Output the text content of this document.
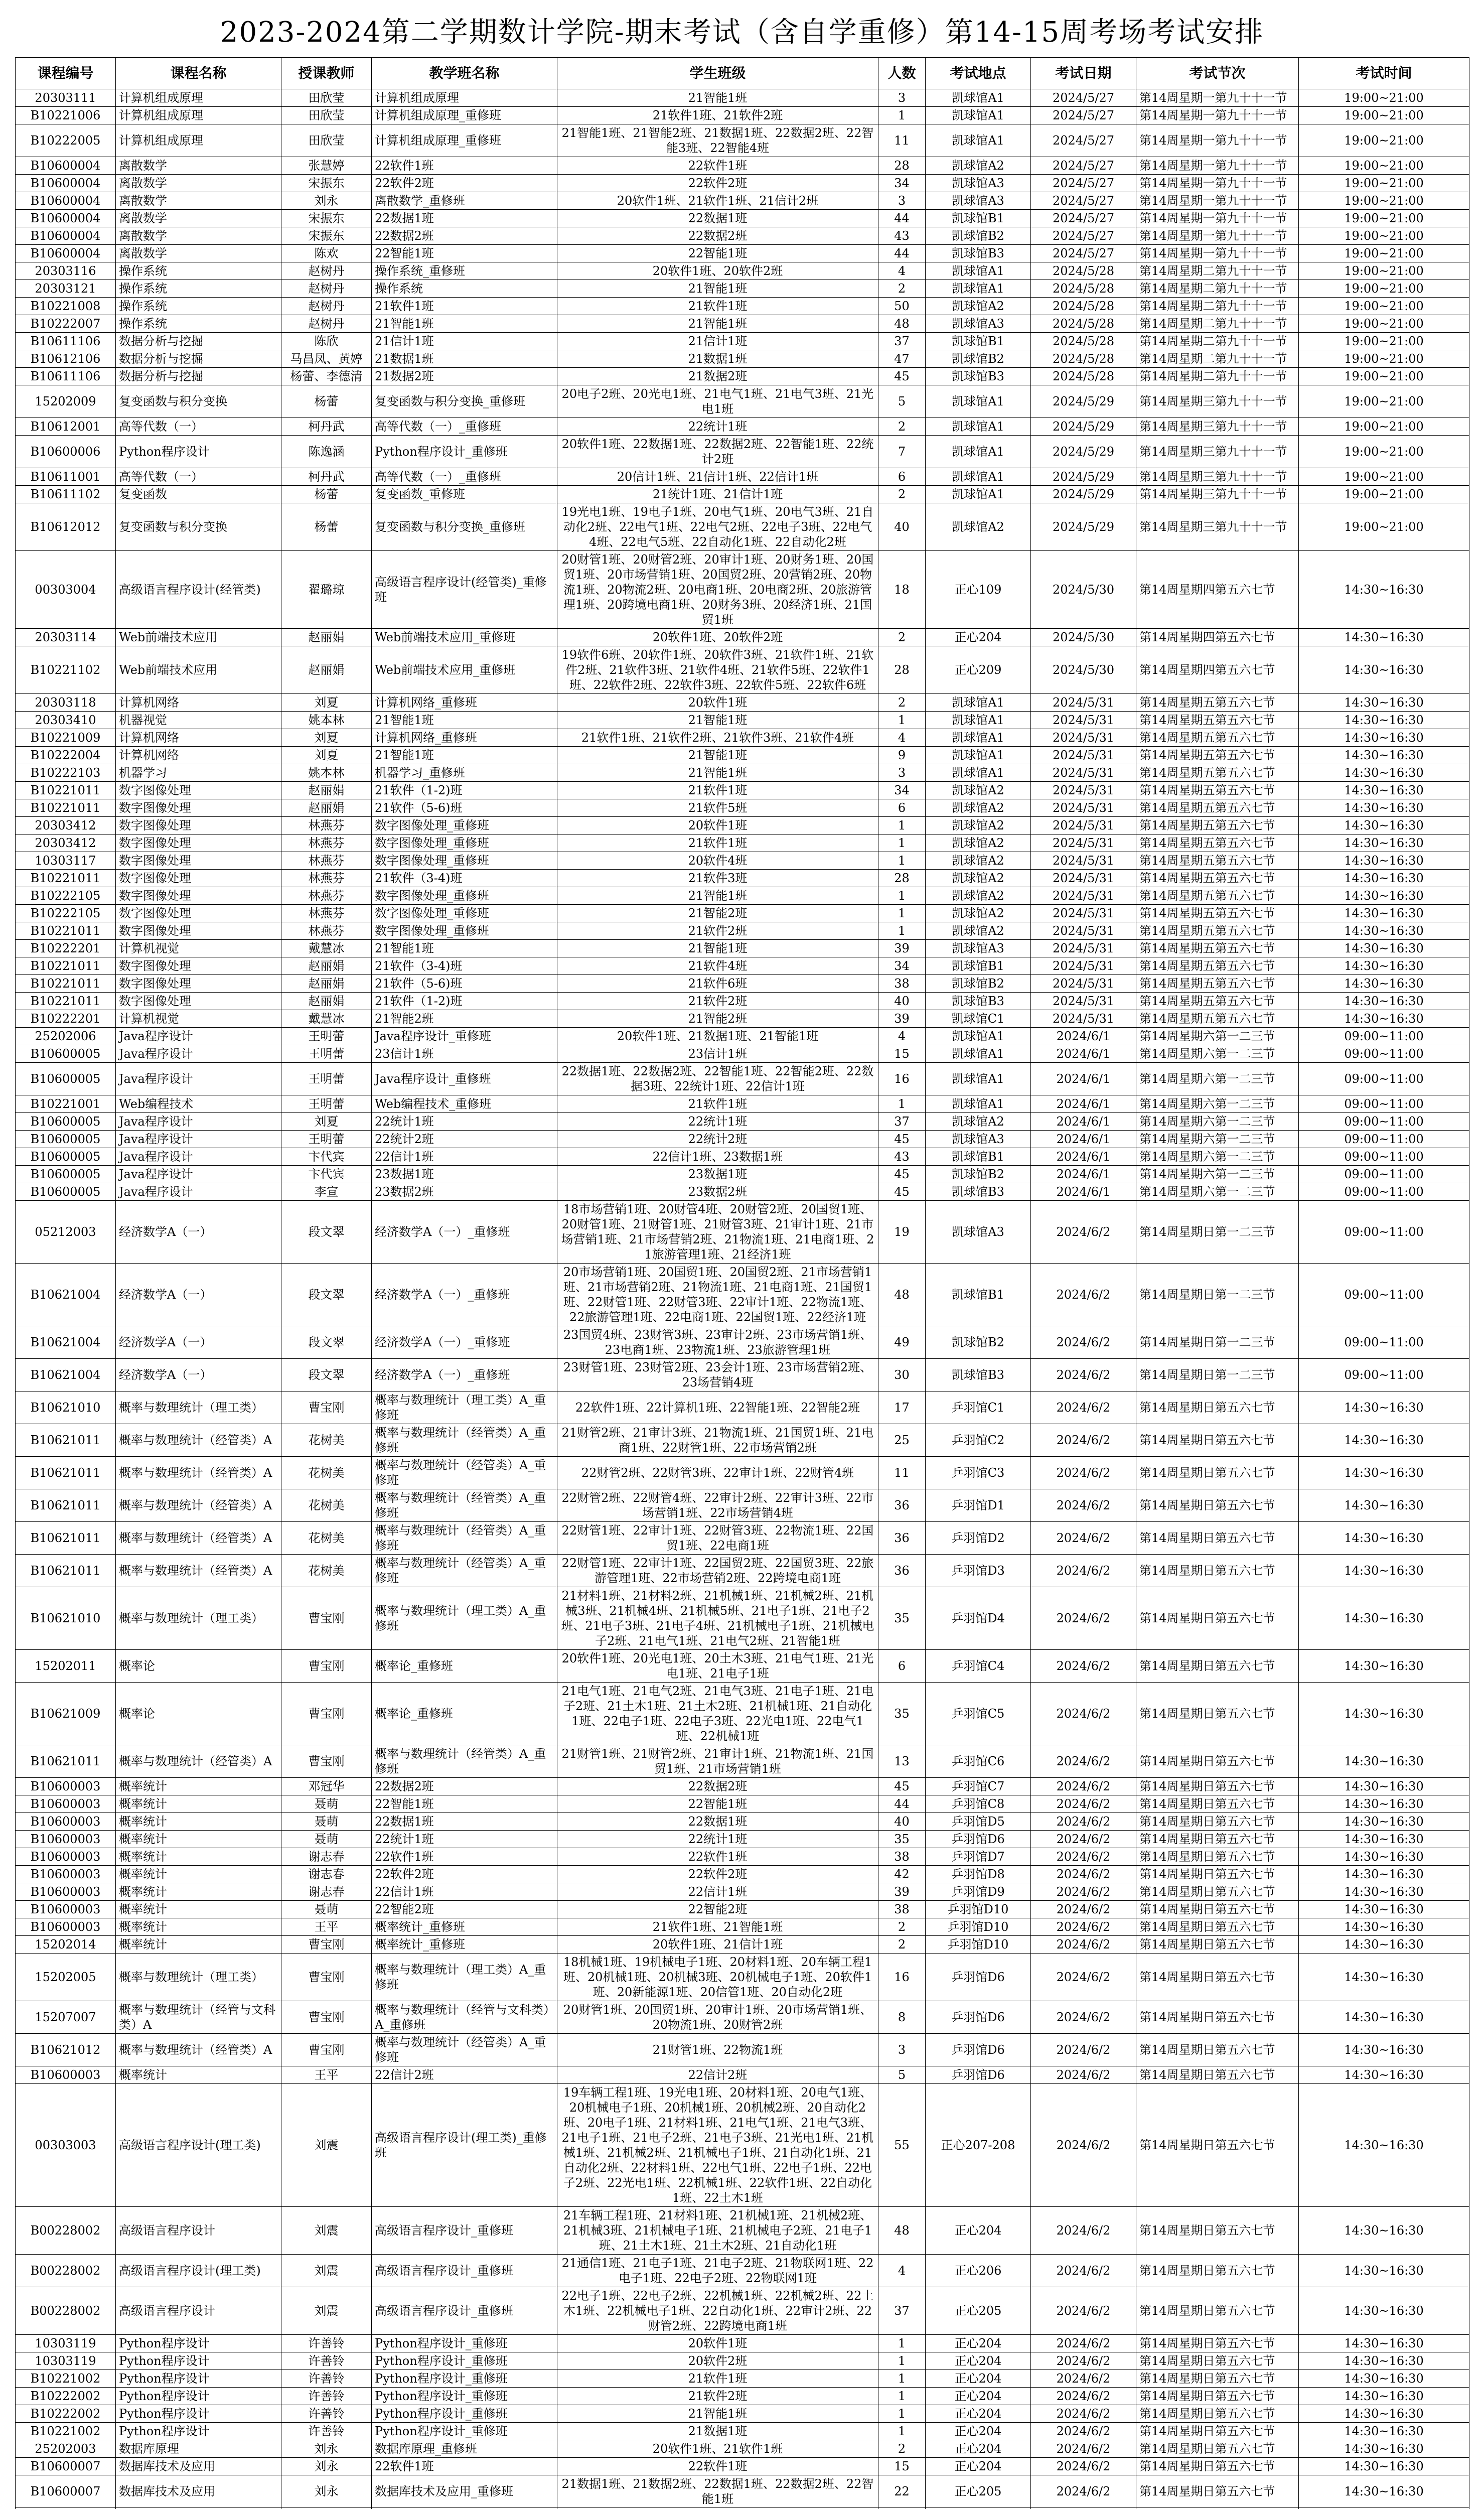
2023-2024第二学期数计学院-期末考试（含自学重修）第14-15周考场考试安排
课程编号	课程名称	授课教师	教学班名称	学生班级	人数	考试地点	考试日期	考试节次	考试时间
20303111	计算机组成原理	田欣莹	计算机组成原理	21智能1班	3	凯球馆A1	2024/5/27	第14周星期一第九十十一节	19:00~21:00
B10221006	计算机组成原理	田欣莹	计算机组成原理_重修班	21软件1班、21软件2班	1	凯球馆A1	2024/5/27	第14周星期一第九十十一节	19:00~21:00
B10222005	计算机组成原理	田欣莹	计算机组成原理_重修班	21智能1班、21智能2班、21数据1班、22数据2班、22智能3班、22智能4班	11	凯球馆A1	2024/5/27	第14周星期一第九十十一节	19:00~21:00
B10600004	离散数学	张慧婷	22软件1班	22软件1班	28	凯球馆A2	2024/5/27	第14周星期一第九十十一节	19:00~21:00
B10600004	离散数学	宋振东	22软件2班	22软件2班	34	凯球馆A3	2024/5/27	第14周星期一第九十十一节	19:00~21:00
B10600004	离散数学	刘永	离散数学_重修班	20软件1班、21软件1班、21信计2班	3	凯球馆A3	2024/5/27	第14周星期一第九十十一节	19:00~21:00
B10600004	离散数学	宋振东	22数据1班	22数据1班	44	凯球馆B1	2024/5/27	第14周星期一第九十十一节	19:00~21:00
B10600004	离散数学	宋振东	22数据2班	22数据2班	43	凯球馆B2	2024/5/27	第14周星期一第九十十一节	19:00~21:00
B10600004	离散数学	陈欢	22智能1班	22智能1班	44	凯球馆B3	2024/5/27	第14周星期一第九十十一节	19:00~21:00
20303116	操作系统	赵树丹	操作系统_重修班	20软件1班、20软件2班	4	凯球馆A1	2024/5/28	第14周星期二第九十十一节	19:00~21:00
20303121	操作系统	赵树丹	操作系统	21智能1班	2	凯球馆A1	2024/5/28	第14周星期二第九十十一节	19:00~21:00
B10221008	操作系统	赵树丹	21软件1班	21软件1班	50	凯球馆A2	2024/5/28	第14周星期二第九十十一节	19:00~21:00
B10222007	操作系统	赵树丹	21智能1班	21智能1班	48	凯球馆A3	2024/5/28	第14周星期二第九十十一节	19:00~21:00
B10611106	数据分析与挖掘	陈欣	21信计1班	21信计1班	37	凯球馆B1	2024/5/28	第14周星期二第九十十一节	19:00~21:00
B10612106	数据分析与挖掘	马昌凤、黄婷	21数据1班	21数据1班	47	凯球馆B2	2024/5/28	第14周星期二第九十十一节	19:00~21:00
B10611106	数据分析与挖掘	杨蕾、李德清	21数据2班	21数据2班	45	凯球馆B3	2024/5/28	第14周星期二第九十十一节	19:00~21:00
15202009	复变函数与积分变换	杨蕾	复变函数与积分变换_重修班	20电子2班、20光电1班、21电气1班、21电气3班、21光电1班	5	凯球馆A1	2024/5/29	第14周星期三第九十十一节	19:00~21:00
B10612001	高等代数（一）	柯丹武	高等代数（一）_重修班	22统计1班	2	凯球馆A1	2024/5/29	第14周星期三第九十十一节	19:00~21:00
B10600006	Python程序设计	陈逸涵	Python程序设计_重修班	20软件1班、22数据1班、22数据2班、22智能1班、22统计2班	7	凯球馆A1	2024/5/29	第14周星期三第九十十一节	19:00~21:00
B10611001	高等代数（一）	柯丹武	高等代数（一）_重修班	20信计1班、21信计1班、22信计1班	6	凯球馆A1	2024/5/29	第14周星期三第九十十一节	19:00~21:00
B10611102	复变函数	杨蕾	复变函数_重修班	21统计1班、21信计1班	2	凯球馆A1	2024/5/29	第14周星期三第九十十一节	19:00~21:00
B10612012	复变函数与积分变换	杨蕾	复变函数与积分变换_重修班	19光电1班、19电子1班、20电气1班、20电气3班、21自动化2班、22电气1班、22电气2班、22电子3班、22电气4班、22电气5班、22自动化1班、22自动化2班	40	凯球馆A2	2024/5/29	第14周星期三第九十十一节	19:00~21:00
00303004	高级语言程序设计(经管类)	翟璐琼	高级语言程序设计(经管类)_重修班	20财管1班、20财管2班、20审计1班、20财务1班、20国贸1班、20市场营销1班、20国贸2班、20营销2班、20物流1班、20物流2班、20电商1班、20电商2班、20旅游管理1班、20跨境电商1班、20财务3班、20经济1班、21国贸1班	18	正心109	2024/5/30	第14周星期四第五六七节	14:30~16:30
20303114	Web前端技术应用	赵丽娟	Web前端技术应用_重修班	20软件1班、20软件2班	2	正心204	2024/5/30	第14周星期四第五六七节	14:30~16:30
B10221102	Web前端技术应用	赵丽娟	Web前端技术应用_重修班	19软件6班、20软件1班、20软件3班、21软件1班、21软件2班、21软件3班、21软件4班、21软件5班、22软件1班、22软件2班、22软件3班、22软件5班、22软件6班	28	正心209	2024/5/30	第14周星期四第五六七节	14:30~16:30
20303118	计算机网络	刘夏	计算机网络_重修班	20软件1班	2	凯球馆A1	2024/5/31	第14周星期五第五六七节	14:30~16:30
20303410	机器视觉	姚本林	21智能1班	21智能1班	1	凯球馆A1	2024/5/31	第14周星期五第五六七节	14:30~16:30
B10221009	计算机网络	刘夏	计算机网络_重修班	21软件1班、21软件2班、21软件3班、21软件4班	4	凯球馆A1	2024/5/31	第14周星期五第五六七节	14:30~16:30
B10222004	计算机网络	刘夏	21智能1班	21智能1班	9	凯球馆A1	2024/5/31	第14周星期五第五六七节	14:30~16:30
B10222103	机器学习	姚本林	机器学习_重修班	21智能1班	3	凯球馆A1	2024/5/31	第14周星期五第五六七节	14:30~16:30
B10221011	数字图像处理	赵丽娟	21软件（1-2)班	21软件1班	34	凯球馆A2	2024/5/31	第14周星期五第五六七节	14:30~16:30
B10221011	数字图像处理	赵丽娟	21软件（5-6)班	21软件5班	6	凯球馆A2	2024/5/31	第14周星期五第五六七节	14:30~16:30
20303412	数字图像处理	林燕芬	数字图像处理_重修班	20软件1班	1	凯球馆A2	2024/5/31	第14周星期五第五六七节	14:30~16:30
20303412	数字图像处理	林燕芬	数字图像处理_重修班	21软件1班	1	凯球馆A2	2024/5/31	第14周星期五第五六七节	14:30~16:30
10303117	数字图像处理	林燕芬	数字图像处理_重修班	20软件4班	1	凯球馆A2	2024/5/31	第14周星期五第五六七节	14:30~16:30
B10221011	数字图像处理	林燕芬	21软件（3-4)班	21软件3班	28	凯球馆A2	2024/5/31	第14周星期五第五六七节	14:30~16:30
B10222105	数字图像处理	林燕芬	数字图像处理_重修班	21智能1班	1	凯球馆A2	2024/5/31	第14周星期五第五六七节	14:30~16:30
B10222105	数字图像处理	林燕芬	数字图像处理_重修班	21智能2班	1	凯球馆A2	2024/5/31	第14周星期五第五六七节	14:30~16:30
B10221011	数字图像处理	林燕芬	数字图像处理_重修班	21软件2班	1	凯球馆A2	2024/5/31	第14周星期五第五六七节	14:30~16:30
B10222201	计算机视觉	戴慧冰	21智能1班	21智能1班	39	凯球馆A3	2024/5/31	第14周星期五第五六七节	14:30~16:30
B10221011	数字图像处理	赵丽娟	21软件（3-4)班	21软件4班	34	凯球馆B1	2024/5/31	第14周星期五第五六七节	14:30~16:30
B10221011	数字图像处理	赵丽娟	21软件（5-6)班	21软件6班	38	凯球馆B2	2024/5/31	第14周星期五第五六七节	14:30~16:30
B10221011	数字图像处理	赵丽娟	21软件（1-2)班	21软件2班	40	凯球馆B3	2024/5/31	第14周星期五第五六七节	14:30~16:30
B10222201	计算机视觉	戴慧冰	21智能2班	21智能2班	39	凯球馆C1	2024/5/31	第14周星期五第五六七节	14:30~16:30
25202006	Java程序设计	王明蕾	Java程序设计_重修班	20软件1班、21数据1班、21智能1班	4	凯球馆A1	2024/6/1	第14周星期六第一二三节	09:00~11:00
B10600005	Java程序设计	王明蕾	23信计1班	23信计1班	15	凯球馆A1	2024/6/1	第14周星期六第一二三节	09:00~11:00
B10600005	Java程序设计	王明蕾	Java程序设计_重修班	22数据1班、22数据2班、22智能1班、22智能2班、22数据3班、22统计1班、22信计1班	16	凯球馆A1	2024/6/1	第14周星期六第一二三节	09:00~11:00
B10221001	Web编程技术	王明蕾	Web编程技术_重修班	21软件1班	1	凯球馆A1	2024/6/1	第14周星期六第一二三节	09:00~11:00
B10600005	Java程序设计	刘夏	22统计1班	22统计1班	37	凯球馆A2	2024/6/1	第14周星期六第一二三节	09:00~11:00
B10600005	Java程序设计	王明蕾	22统计2班	22统计2班	45	凯球馆A3	2024/6/1	第14周星期六第一二三节	09:00~11:00
B10600005	Java程序设计	卞代宾	22信计1班	22信计1班、23数据1班	43	凯球馆B1	2024/6/1	第14周星期六第一二三节	09:00~11:00
B10600005	Java程序设计	卞代宾	23数据1班	23数据1班	45	凯球馆B2	2024/6/1	第14周星期六第一二三节	09:00~11:00
B10600005	Java程序设计	李宣	23数据2班	23数据2班	45	凯球馆B3	2024/6/1	第14周星期六第一二三节	09:00~11:00
05212003	经济数学A（一）	段文翠	经济数学A（一）_重修班	18市场营销1班、20财管4班、20财管2班、20国贸1班、20财管1班、21财管1班、21财管3班、21审计1班、21市场营销1班、21市场营销2班、21物流1班、21电商1班、21旅游管理1班、21经济1班	19	凯球馆A3	2024/6/2	第14周星期日第一二三节	09:00~11:00
B10621004	经济数学A（一）	段文翠	经济数学A（一）_重修班	20市场营销1班、20国贸1班、20国贸2班、21市场营销1班、21市场营销2班、21物流1班、21电商1班、21国贸1班、22财管1班、22财管3班、22审计1班、22物流1班、22旅游管理1班、22电商1班、22国贸1班、22经济1班	48	凯球馆B1	2024/6/2	第14周星期日第一二三节	09:00~11:00
B10621004	经济数学A（一）	段文翠	经济数学A（一）_重修班	23国贸4班、23财管3班、23审计2班、23市场营销1班、23电商1班、23物流1班、23旅游管理1班	49	凯球馆B2	2024/6/2	第14周星期日第一二三节	09:00~11:00
B10621004	经济数学A（一）	段文翠	经济数学A（一）_重修班	23财管1班、23财管2班、23会计1班、23市场营销2班、23场营销4班	30	凯球馆B3	2024/6/2	第14周星期日第一二三节	09:00~11:00
B10621010	概率与数理统计（理工类）	曹宝刚	概率与数理统计（理工类）A_重修班	22软件1班、22计算机1班、22智能1班、22智能2班	17	乒羽馆C1	2024/6/2	第14周星期日第五六七节	14:30~16:30
B10621011	概率与数理统计（经管类）A	花树美	概率与数理统计（经管类）A_重修班	21财管2班、21审计3班、21物流1班、21国贸1班、21电商1班、22财管1班、22市场营销2班	25	乒羽馆C2	2024/6/2	第14周星期日第五六七节	14:30~16:30
B10621011	概率与数理统计（经管类）A	花树美	概率与数理统计（经管类）A_重修班	22财管2班、22财管3班、22审计1班、22财管4班	11	乒羽馆C3	2024/6/2	第14周星期日第五六七节	14:30~16:30
B10621011	概率与数理统计（经管类）A	花树美	概率与数理统计（经管类）A_重修班	22财管2班、22财管4班、22审计2班、22审计3班、22市场营销1班、22市场营销4班	36	乒羽馆D1	2024/6/2	第14周星期日第五六七节	14:30~16:30
B10621011	概率与数理统计（经管类）A	花树美	概率与数理统计（经管类）A_重修班	22财管1班、22审计1班、22财管3班、22物流1班、22国贸1班、22电商1班	36	乒羽馆D2	2024/6/2	第14周星期日第五六七节	14:30~16:30
B10621011	概率与数理统计（经管类）A	花树美	概率与数理统计（经管类）A_重修班	22财管1班、22审计1班、22国贸2班、22国贸3班、22旅游管理1班、22市场营销2班、22跨境电商1班	36	乒羽馆D3	2024/6/2	第14周星期日第五六七节	14:30~16:30
B10621010	概率与数理统计（理工类）	曹宝刚	概率与数理统计（理工类）A_重修班	21材料1班、21材料2班、21机械1班、21机械2班、21机械3班、21机械4班、21机械5班、21电子1班、21电子2班、21电子3班、21电子4班、21机械电子1班、21机械电子2班、21电气1班、21电气2班、21智能1班	35	乒羽馆D4	2024/6/2	第14周星期日第五六七节	14:30~16:30
15202011	概率论	曹宝刚	概率论_重修班	20软件1班、20光电1班、20土木3班、21电气1班、21光电1班、21电子1班	6	乒羽馆C4	2024/6/2	第14周星期日第五六七节	14:30~16:30
B10621009	概率论	曹宝刚	概率论_重修班	21电气1班、21电气2班、21电气3班、21电子1班、21电子2班、21土木1班、21土木2班、21机械1班、21自动化1班、22电子1班、22电子3班、22光电1班、22电气1班、22机械1班	35	乒羽馆C5	2024/6/2	第14周星期日第五六七节	14:30~16:30
B10621011	概率与数理统计（经管类）A	曹宝刚	概率与数理统计（经管类）A_重修班	21财管1班、21财管2班、21审计1班、21物流1班、21国贸1班、21市场营销1班	13	乒羽馆C6	2024/6/2	第14周星期日第五六七节	14:30~16:30
B10600003	概率统计	邓冠华	22数据2班	22数据2班	45	乒羽馆C7	2024/6/2	第14周星期日第五六七节	14:30~16:30
B10600003	概率统计	聂萌	22智能1班	22智能1班	44	乒羽馆C8	2024/6/2	第14周星期日第五六七节	14:30~16:30
B10600003	概率统计	聂萌	22数据1班	22数据1班	40	乒羽馆D5	2024/6/2	第14周星期日第五六七节	14:30~16:30
B10600003	概率统计	聂萌	22统计1班	22统计1班	35	乒羽馆D6	2024/6/2	第14周星期日第五六七节	14:30~16:30
B10600003	概率统计	谢志春	22软件1班	22软件1班	38	乒羽馆D7	2024/6/2	第14周星期日第五六七节	14:30~16:30
B10600003	概率统计	谢志春	22软件2班	22软件2班	42	乒羽馆D8	2024/6/2	第14周星期日第五六七节	14:30~16:30
B10600003	概率统计	谢志春	22信计1班	22信计1班	39	乒羽馆D9	2024/6/2	第14周星期日第五六七节	14:30~16:30
B10600003	概率统计	聂萌	22智能2班	22智能2班	38	乒羽馆D10	2024/6/2	第14周星期日第五六七节	14:30~16:30
B10600003	概率统计	王平	概率统计_重修班	21软件1班、21智能1班	2	乒羽馆D10	2024/6/2	第14周星期日第五六七节	14:30~16:30
15202014	概率统计	曹宝刚	概率统计_重修班	20软件1班、21信计1班	2	乒羽馆D10	2024/6/2	第14周星期日第五六七节	14:30~16:30
15202005	概率与数理统计（理工类）	曹宝刚	概率与数理统计（理工类）A_重修班	18机械1班、19机械电子1班、20材料1班、20车辆工程1班、20机械1班、20机械3班、20机械电子1班、20软件1班、20新能源1班、20信管1班、20自动化2班	16	乒羽馆D6	2024/6/2	第14周星期日第五六七节	14:30~16:30
15207007	概率与数理统计（经管与文科类）A	曹宝刚	概率与数理统计（经管与文科类）A_重修班	20财管1班、20国贸1班、20审计1班、20市场营销1班、20物流1班、20财管2班	8	乒羽馆D6	2024/6/2	第14周星期日第五六七节	14:30~16:30
B10621012	概率与数理统计（经管类）A	曹宝刚	概率与数理统计（经管类）A_重修班	21财管1班、22物流1班	3	乒羽馆D6	2024/6/2	第14周星期日第五六七节	14:30~16:30
B10600003	概率统计	王平	22信计2班	22信计2班	5	乒羽馆D6	2024/6/2	第14周星期日第五六七节	14:30~16:30
00303003	高级语言程序设计(理工类)	刘震	高级语言程序设计(理工类)_重修班	19车辆工程1班、19光电1班、20材料1班、20电气1班、20机械电子1班、20机械1班、20机械2班、20自动化2班、20电子1班、21材料1班、21电气1班、21电气3班、21电子1班、21电子2班、21电子3班、21光电1班、21机械1班、21机械2班、21机械电子1班、21自动化1班、21自动化2班、22材料1班、22电气1班、22电子1班、22电子2班、22光电1班、22机械1班、22软件1班、22自动化1班、22土木1班	55	正心207-208	2024/6/2	第14周星期日第五六七节	14:30~16:30
B00228002	高级语言程序设计	刘震	高级语言程序设计_重修班	21车辆工程1班、21材料1班、21机械1班、21机械2班、21机械3班、21机械电子1班、21机械电子2班、21电子1班、21土木1班、21土木2班、21自动化1班	48	正心204	2024/6/2	第14周星期日第五六七节	14:30~16:30
B00228002	高级语言程序设计(理工类)	刘震	高级语言程序设计_重修班	21通信1班、21电子1班、21电子2班、21物联网1班、22电子1班、22电子2班、22物联网1班	4	正心206	2024/6/2	第14周星期日第五六七节	14:30~16:30
B00228002	高级语言程序设计	刘震	高级语言程序设计_重修班	22电子1班、22电子2班、22机械1班、22机械2班、22土木1班、22机械电子1班、22自动化1班、22审计2班、22财管2班、22跨境电商1班	37	正心205	2024/6/2	第14周星期日第五六七节	14:30~16:30
10303119	Python程序设计	许善铃	Python程序设计_重修班	20软件1班	1	正心204	2024/6/2	第14周星期日第五六七节	14:30~16:30
10303119	Python程序设计	许善铃	Python程序设计_重修班	20软件2班	1	正心204	2024/6/2	第14周星期日第五六七节	14:30~16:30
B10221002	Python程序设计	许善铃	Python程序设计_重修班	21软件1班	1	正心204	2024/6/2	第14周星期日第五六七节	14:30~16:30
B10222002	Python程序设计	许善铃	Python程序设计_重修班	21软件2班	1	正心204	2024/6/2	第14周星期日第五六七节	14:30~16:30
B10222002	Python程序设计	许善铃	Python程序设计_重修班	21智能1班	1	正心204	2024/6/2	第14周星期日第五六七节	14:30~16:30
B10221002	Python程序设计	许善铃	Python程序设计_重修班	21数据1班	1	正心204	2024/6/2	第14周星期日第五六七节	14:30~16:30
25202003	数据库原理	刘永	数据库原理_重修班	20软件1班、21软件1班	2	正心204	2024/6/2	第14周星期日第五六七节	14:30~16:30
B10600007	数据库技术及应用	刘永	22软件1班	22软件1班	15	正心204	2024/6/2	第14周星期日第五六七节	14:30~16:30
B10600007	数据库技术及应用	刘永	数据库技术及应用_重修班	21数据1班、21数据2班、22数据1班、22数据2班、22智能1班	22	正心205	2024/6/2	第14周星期日第五六七节	14:30~16:30
